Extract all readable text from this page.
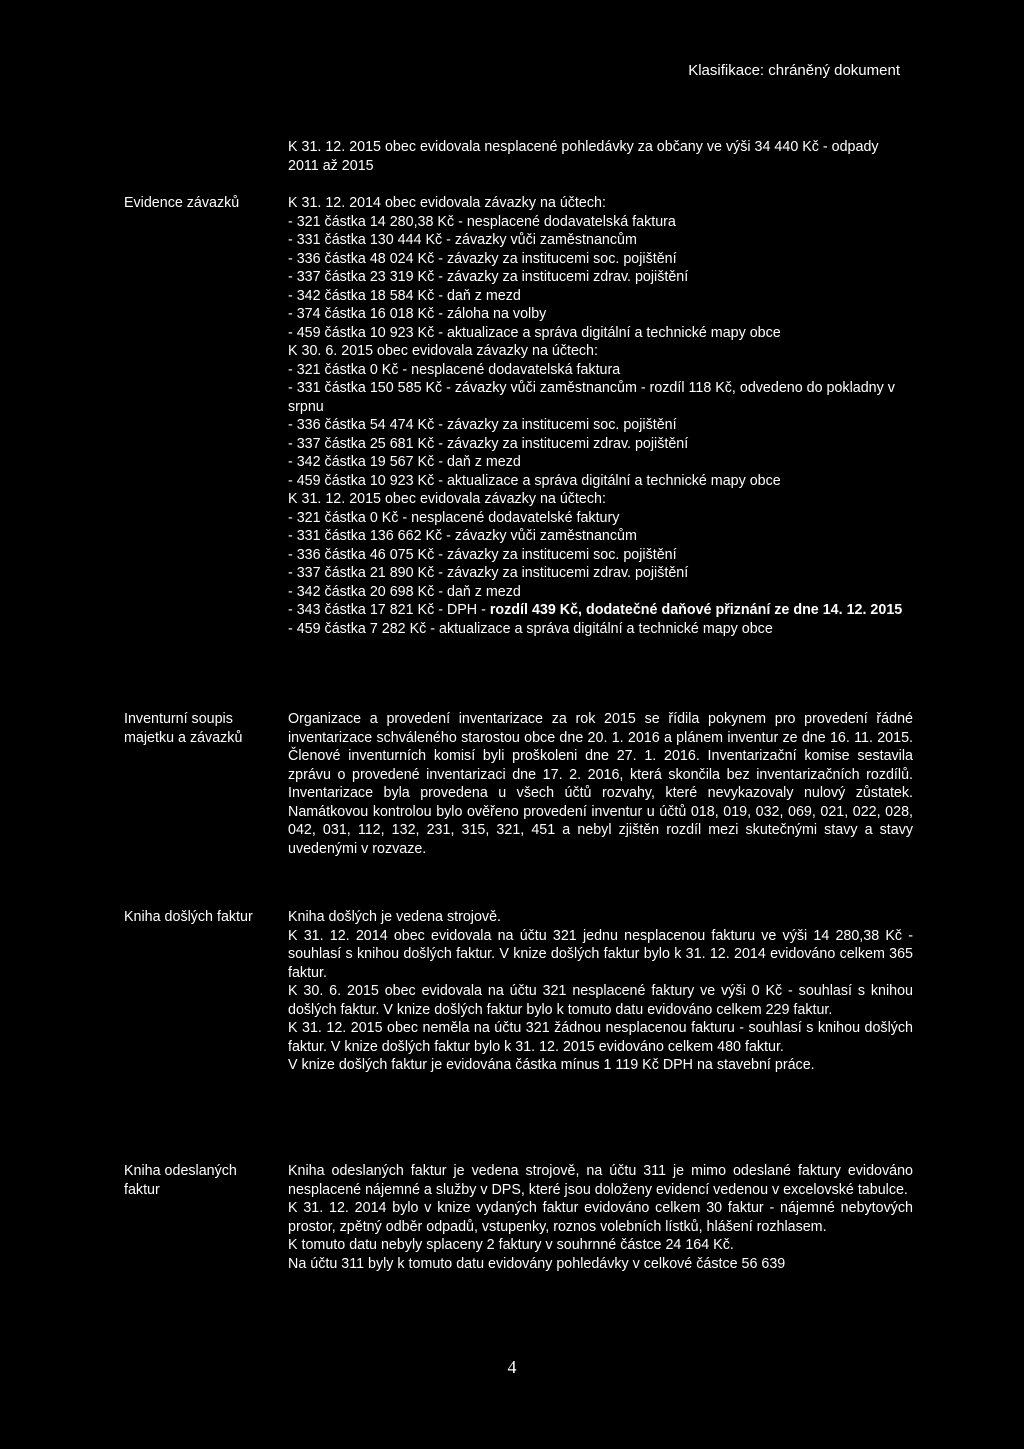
Klasifikace: chráněný dokument
K 31. 12. 2015 obec evidovala nesplacené pohledávky za občany ve výši 34 440 Kč - odpady 2011 až 2015
Evidence závazků	K 31. 12. 2014 obec evidovala závazky na účtech:
- 321 částka 14 280,38 Kč - nesplacené dodavatelská faktura
- 331 částka 130 444 Kč - závazky vůči zaměstnancům
- 336 částka 48 024 Kč - závazky za institucemi soc. pojištění
- 337 částka 23 319 Kč - závazky za institucemi zdrav. pojištění
- 342 částka 18 584 Kč - daň z mezd
- 374 částka 16 018 Kč - záloha na volby
- 459 částka 10 923 Kč - aktualizace a správa digitální a technické mapy obce
K 30. 6. 2015 obec evidovala závazky na účtech:
- 321 částka 0 Kč - nesplacené dodavatelská faktura
- 331 částka 150 585 Kč - závazky vůči zaměstnancům - rozdíl 118 Kč, odvedeno do pokladny v srpnu
- 336 částka 54 474 Kč - závazky za institucemi soc. pojištění
- 337 částka 25 681 Kč - závazky za institucemi zdrav. pojištění
- 342 částka 19 567 Kč - daň z mezd
- 459 částka 10 923 Kč - aktualizace a správa digitální a technické mapy obce
K 31. 12. 2015 obec evidovala závazky na účtech:
- 321 částka 0 Kč - nesplacené dodavatelské faktury
- 331 částka 136 662 Kč - závazky vůči zaměstnancům
- 336 částka 46 075 Kč - závazky za institucemi soc. pojištění
- 337 částka 21 890 Kč - závazky za institucemi zdrav. pojištění
- 342 částka 20 698 Kč - daň z mezd
- 343 částka 17 821 Kč - DPH - rozdíl 439 Kč, dodatečné daňové přiznání ze dne 14. 12. 2015
- 459 částka 7 282 Kč - aktualizace a správa digitální a technické mapy obce
Inventurní soupis majetku a závazků
Organizace a provedení inventarizace za rok 2015 se řídila pokynem pro provedení řádné inventarizace schváleného starostou obce dne 20. 1. 2016 a plánem inventur ze dne 16. 11. 2015. Členové inventurních komisí byli proškoleni dne 27. 1. 2016. Inventarizační komise sestavila zprávu o provedené inventarizaci dne 17. 2. 2016, která skončila bez inventarizačních rozdílů. Inventarizace byla provedena u všech účtů rozvahy, které nevykazovaly nulový zůstatek. Namátkovou kontrolou bylo ověřeno provedení inventur u účtů 018, 019, 032, 069, 021, 022, 028, 042, 031, 112, 132, 231, 315, 321, 451 a nebyl zjištěn rozdíl mezi skutečnými stavy a stavy uvedenými v rozvaze.
Kniha došlých faktur	Kniha došlých je vedena strojově.

K 31. 12. 2014 obec evidovala na účtu 321 jednu nesplacenou fakturu ve výši 14 280,38 Kč - souhlasí s knihou došlých faktur. V knize došlých faktur bylo k 31. 12. 2014 evidováno celkem 365 faktur.

K 30. 6. 2015 obec evidovala na účtu 321 nesplacené faktury ve výši 0 Kč - souhlasí s knihou došlých faktur. V knize došlých faktur bylo k tomuto datu evidováno celkem 229 faktur.

K 31. 12. 2015 obec neměla na účtu 321 žádnou nesplacenou fakturu - souhlasí s knihou došlých faktur. V knize došlých faktur bylo k 31. 12. 2015 evidováno celkem 480 faktur.

V knize došlých faktur je evidována částka mínus 1 119 Kč DPH na stavební práce.

Kniha odeslaných faktur

Kniha odeslaných faktur je vedena strojově, na účtu 311 je mimo odeslané faktury evidováno nesplacené nájemné a služby v DPS, které jsou doloženy evidencí vedenou v excelovské tabulce.

K 31. 12. 2014 bylo v knize vydaných faktur evidováno celkem 30 faktur - nájemné nebytových prostor, zpětný odběr odpadů, vstupenky, roznos volebních lístků, hlášení rozhlasem.

K tomuto datu nebyly splaceny 2 faktury v souhrnné částce 24 164 Kč.

Na účtu 311 byly k tomuto datu evidovány pohledávky v celkové částce 56 639

4
